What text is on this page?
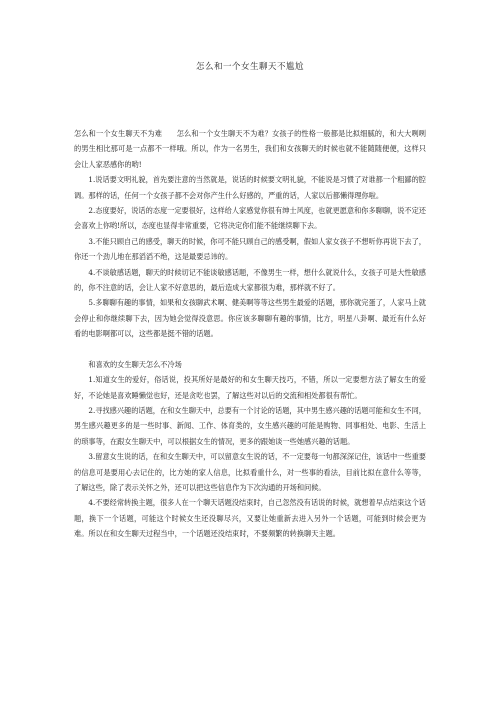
怎么和一个女生聊天不尴尬

怎么和一个女生聊天不为难　　怎么和一个女生聊天不为难？女孩子的性格一般都是比拟细腻的，和大大咧咧的男生相比那可是一点都不一样哦。所以，作为一名男生，我们和女孩聊天的时候也就不能随随便便，这样只会让人家恶感你的哟!

1.说话要文明礼貌，首先要注意的当然就是，说话的时候要文明礼貌，不能说是习惯了对谁都一个粗鄙的腔调。那样的话，任何一个女孩子都不会对你产生什么好感的，严重的话，人家以后都懒得理你啦。

2.态度要好，说话的态度一定要很好，这样给人家感觉你很有绅士风度，也就更愿意和你多聊聊，说不定还会喜欢上你哟!所以，态度也显得非常重要，它将决定你们能不能继续聊下去。

3.不能只顾自己的感受，聊天的时候，你可不能只顾自己的感受啊，假如人家女孩子不想听你再说下去了，你还一个劲儿地在那滔滔不绝，这是最要忌讳的。

4.不谈敏感话题，聊天的时候切记不能谈敏感话题，不像男生一样，想什么就说什么，女孩子可是大性敏感的，你不注意的话，会让人家不好意思的，最后造成大家都很为难，那样就不好了。

5.多聊聊有趣的事情，如果和女孩聊武术啊、健美啊等等这些男生最爱的话题，那你就完蛋了，人家马上就会停止和你继续聊下去，因为她会觉得没意思。你应该多聊聊有趣的事情，比方，明星八卦啊、最近有什么好看的电影啊都可以，这些都是挺不错的话题。

和喜欢的女生聊天怎么不冷场

1.知道女生的爱好，俗话说，投其所好是最好的和女生聊天技巧，不错，所以一定要想方法了解女生的爱好，不论她是喜欢睡懒觉也好，还是贪吃也罢，了解这些对以后的交流和相处都很有帮忙。

2.寻找感兴趣的话题，在和女生聊天中，总要有一个讨论的话题，其中男生感兴趣的话题可能和女生不同，男生感兴趣更多的是一些时事、新闻、工作、体育类的，女生感兴趣的可能是购物、同事相处、电影、生活上的琐事等，在跟女生聊天中，可以根据女生的情况，更多的跟她谈一些她感兴趣的话题。

3.留意女生说的话，在和女生聊天中，可以留意女生说的话，不一定要每一句都深深记住，该话中一些重要的信息可是要用心去记住的，比方她的家人信息，比拟看重什么，对一些事的看法，目前比拟在意什么等等，了解这些，除了表示关怀之外，还可以把这些信息作为下次沟通的开场和问候。

4.不要经常转换主题，很多人在一个聊天话题没结束时，自己忽然没有话说的时候，就想着早点结束这个话题，换下一个话题，可能这个时候女生还没聊尽兴，又要让她重新去进入另外一个话题，可能到时候会更为难。所以在和女生聊天过程当中，一个话题还没结束时，不要频繁的转换聊天主题。
